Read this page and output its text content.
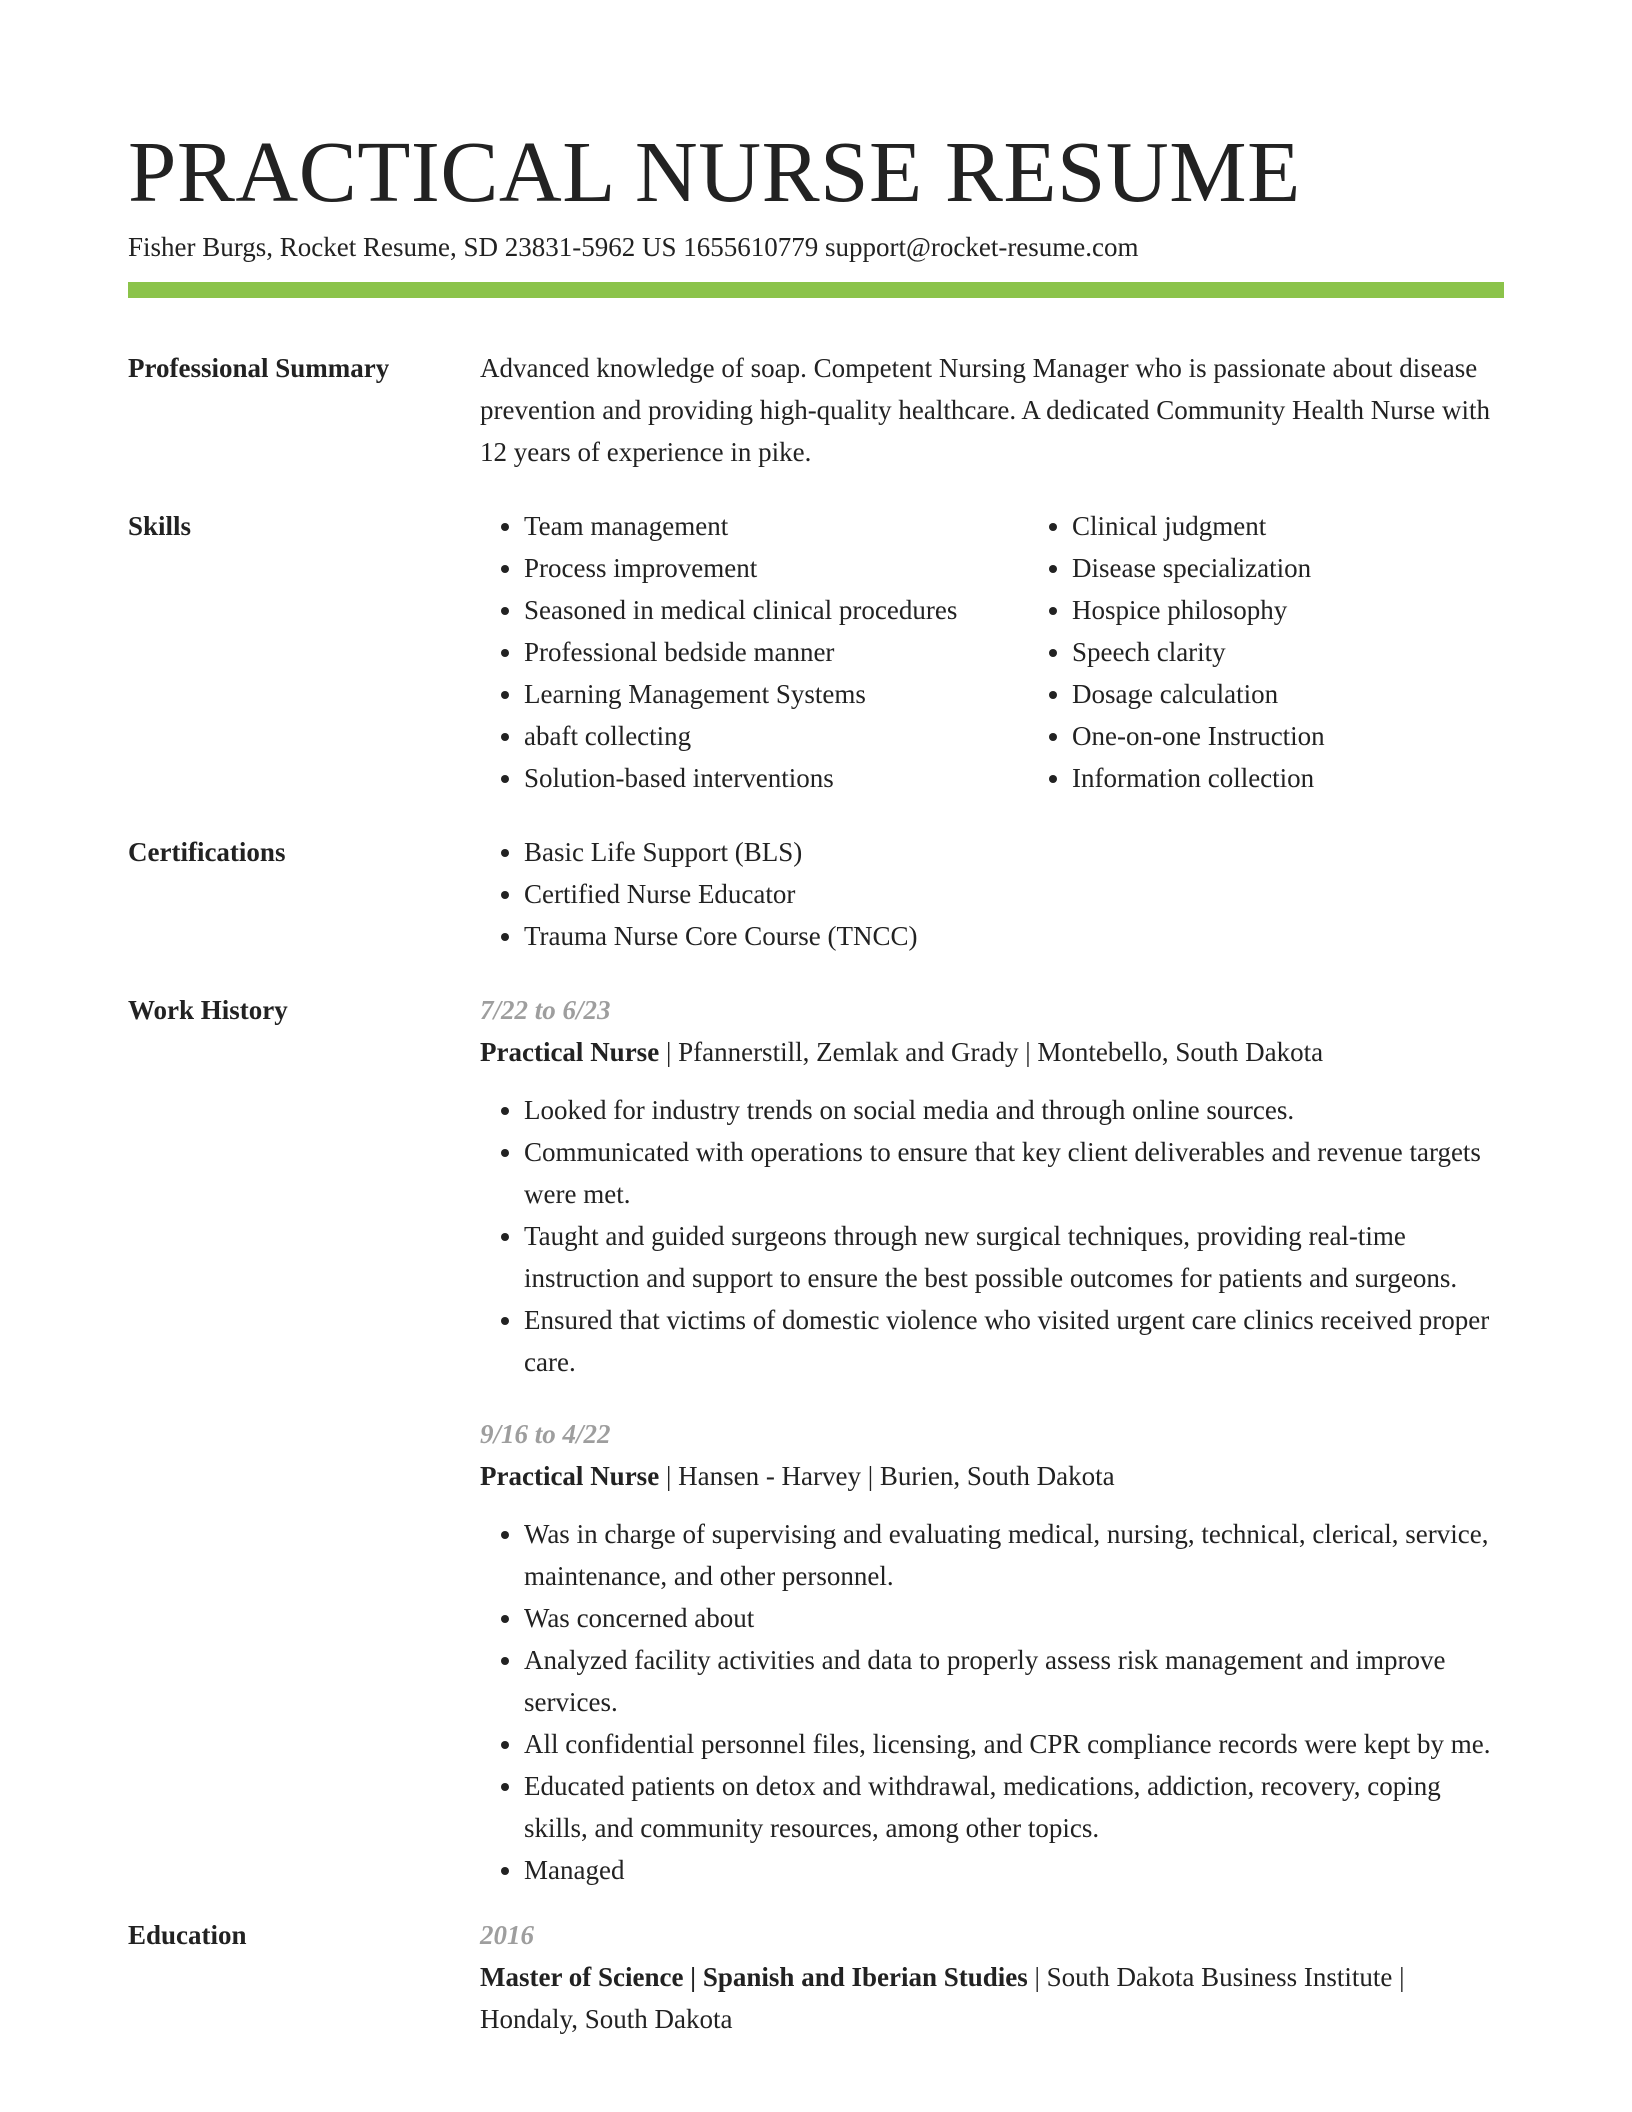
PRACTICAL NURSE RESUME
Fisher Burgs, Rocket Resume, SD 23831-5962 US 1655610779 support@rocket-resume.com
Professional Summary	Advanced knowledge of soap. Competent Nursing Manager who is passionate about disease prevention and providing high-quality healthcare. A dedicated Community Health Nurse with 12 years of experience in pike.

Skills	• Team management
• Process improvement
• Seasoned in medical clinical procedures
• Professional bedside manner
• Learning Management Systems
• abaft collecting
• Solution-based interventions
• Clinical judgment
• Disease specialization
• Hospice philosophy
• Speech clarity
• Dosage calculation
• One-on-one Instruction
• Information collection
Certifications	• Basic Life Support (BLS)
• Certified Nurse Educator
• Trauma Nurse Core Course (TNCC)
Work History	7/22 to 6/23
Practical Nurse | Pfannerstill, Zemlak and Grady | Montebello, South Dakota
• Looked for industry trends on social media and through online sources.
• Communicated with operations to ensure that key client deliverables and revenue targets were met.
• Taught and guided surgeons through new surgical techniques, providing real-time instruction and support to ensure the best possible outcomes for patients and surgeons.
• Ensured that victims of domestic violence who visited urgent care clinics received proper care.
9/16 to 4/22
Practical Nurse | Hansen - Harvey | Burien, South Dakota
• Was in charge of supervising and evaluating medical, nursing, technical, clerical, service, maintenance, and other personnel.
• Was concerned about
• Analyzed facility activities and data to properly assess risk management and improve services.
• All confidential personnel files, licensing, and CPR compliance records were kept by me.
• Educated patients on detox and withdrawal, medications, addiction, recovery, coping skills, and community resources, among other topics.
• Managed
Education	2016
Master of Science | Spanish and Iberian Studies | South Dakota Business Institute | Hondaly, South Dakota
